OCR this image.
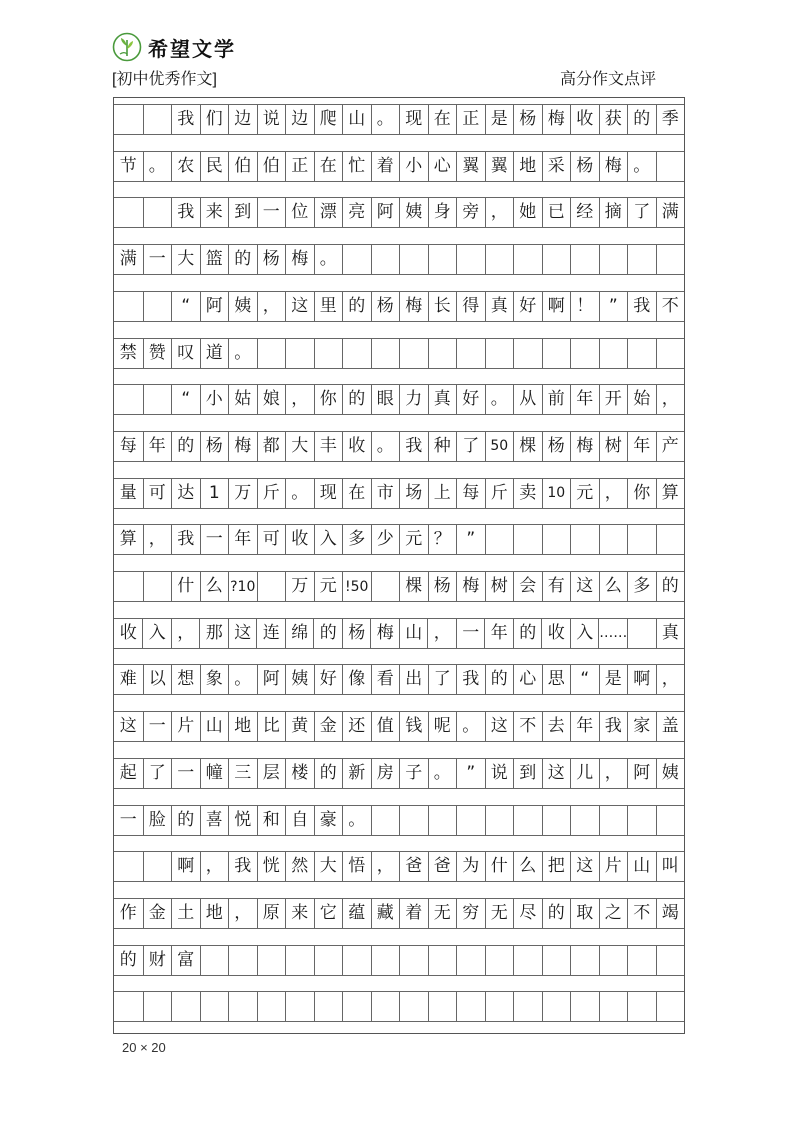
希望文学
[初中优秀作文]	高分作文点评
我 们 边 说 边 爬 山 。 现 在 正 是 杨 梅 收 获 的 季
节 。 农 民 伯 伯 正 在 忙 着 小 心 翼 翼 地 采 杨 梅 。
我 来 到 一 位 漂 亮 阿 姨 身 旁 ， 她 已 经 摘 了 满
满 一 大 篮 的 杨 梅 。
“ 阿 姨 ， 这 里 的 杨 梅 长 得 真 好 啊 ！ ” 我 不
禁 赞 叹 道 。
“ 小 姑 娘 ， 你 的 眼 力 真 好 。 从 前 年 开 始 ，
每 年 的 杨 梅 都 大 丰 收 。 我 种 了 50 棵 杨 梅 树 年 产
量 可 达 1 万 斤 。 现 在 市 场 上 每 斤 卖 10 元 ， 你 算
算 ， 我 一 年 可 收 入 多 少 元 ？ ”
什 么 ?10	万 元 !50	棵 杨 梅 树 会 有 这 么 多 的
收 入 ， 那 这 连 绵 的 杨 梅 山 ， 一 年 的 收 入 ……	真
难 以 想 象 。 阿 姨 好 像 看 出 了 我 的 心 思 “ 是 啊 ，
这 一 片 山 地 比 黄 金 还 值 钱 呢 。 这 不 去 年 我 家 盖
起 了 一 幢 三 层 楼 的 新 房 子 。 ” 说 到 这 儿 ， 阿 姨
一 脸 的 喜 悦 和 自 豪 。
啊 ， 我 恍 然 大 悟 ， 爸 爸 为 什 么 把 这 片 山 叫
作 金 土 地 ， 原 来 它 蕴 藏 着 无 穷 无 尽 的 取 之 不 竭
的 财 富
20 × 20
